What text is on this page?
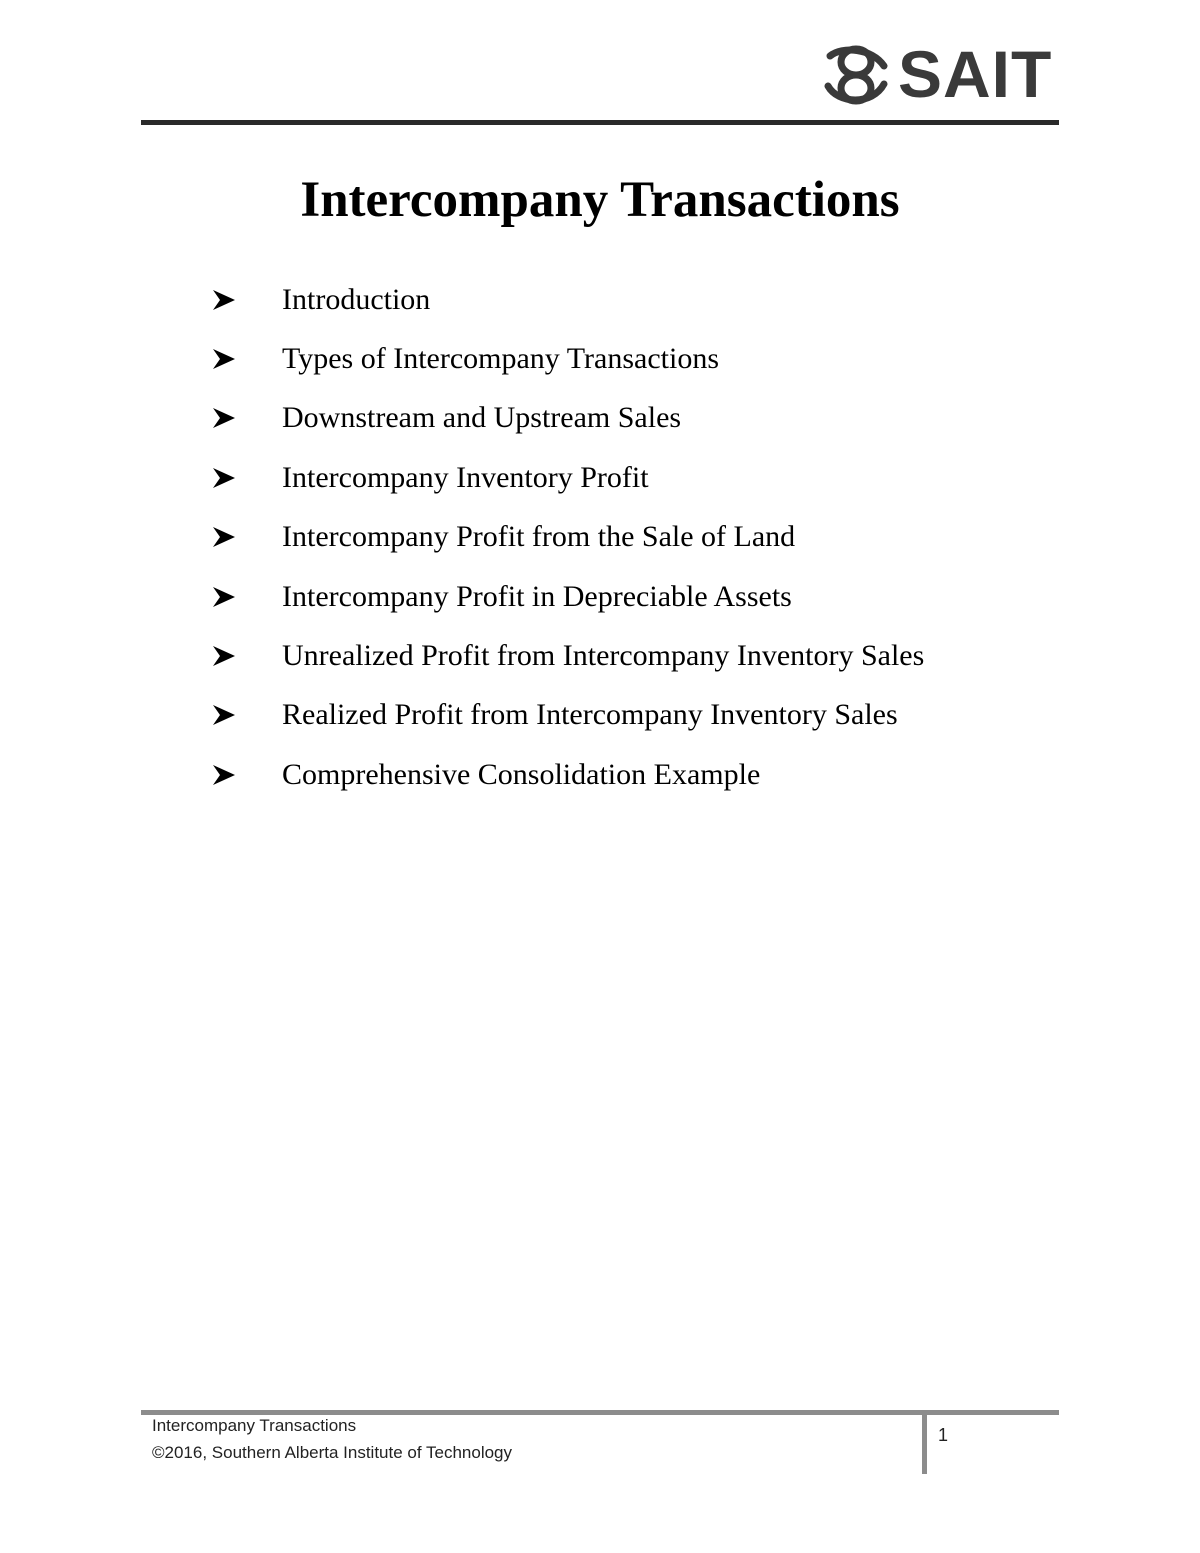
SAIT
Intercompany Transactions
Introduction
Types of Intercompany Transactions
Downstream and Upstream Sales
Intercompany Inventory Profit
Intercompany Profit from the Sale of Land
Intercompany Profit in Depreciable Assets
Unrealized Profit from Intercompany Inventory Sales
Realized Profit from Intercompany Inventory Sales
Comprehensive Consolidation Example
Intercompany Transactions
©2016, Southern Alberta Institute of Technology
1
